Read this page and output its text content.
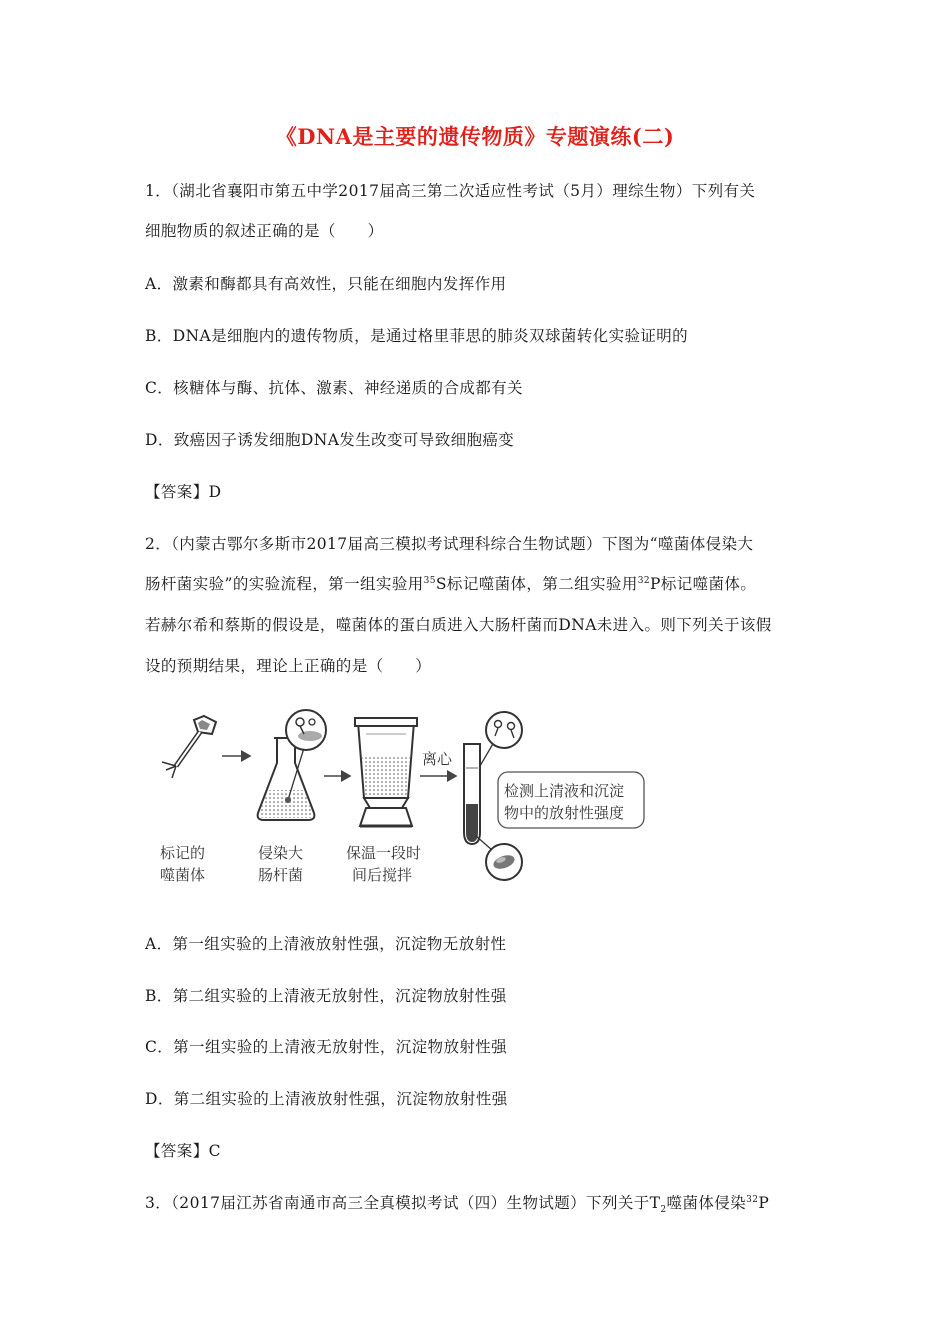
《DNA是主要的遗传物质》专题演练(二)
1．（湖北省襄阳市第五中学2017届高三第二次适应性考试（5月）理综生物）下列有关
细胞物质的叙述正确的是（　　）
A．激素和酶都具有高效性，只能在细胞内发挥作用
B．DNA是细胞内的遗传物质，是通过格里菲思的肺炎双球菌转化实验证明的
C．核糖体与酶、抗体、激素、神经递质的合成都有关
D．致癌因子诱发细胞DNA发生改变可导致细胞癌变
【答案】D
2．（内蒙古鄂尔多斯市2017届高三模拟考试理科综合生物试题）下图为“噬菌体侵染大
肠杆菌实验”的实验流程，第一组实验用$^{35}$S标记噬菌体，第二组实验用$^{32}$P标记噬菌体。
若赫尔希和蔡斯的假设是，噬菌体的蛋白质进入大肠杆菌而DNA未进入。则下列关于该假
设的预期结果，理论上正确的是（　　）
离心
检测上清液和沉淀
物中的放射性强度
标记的
噬菌体
侵染大
肠杆菌
保温一段时
间后搅拌
A．第一组实验的上清液放射性强，沉淀物无放射性
B．第二组实验的上清液无放射性，沉淀物放射性强
C．第一组实验的上清液无放射性，沉淀物放射性强
D．第二组实验的上清液放射性强，沉淀物放射性强
【答案】C
3．（2017届江苏省南通市高三全真模拟考试（四）生物试题）下列关于$T_2$噬菌体侵染$^{32}$P
